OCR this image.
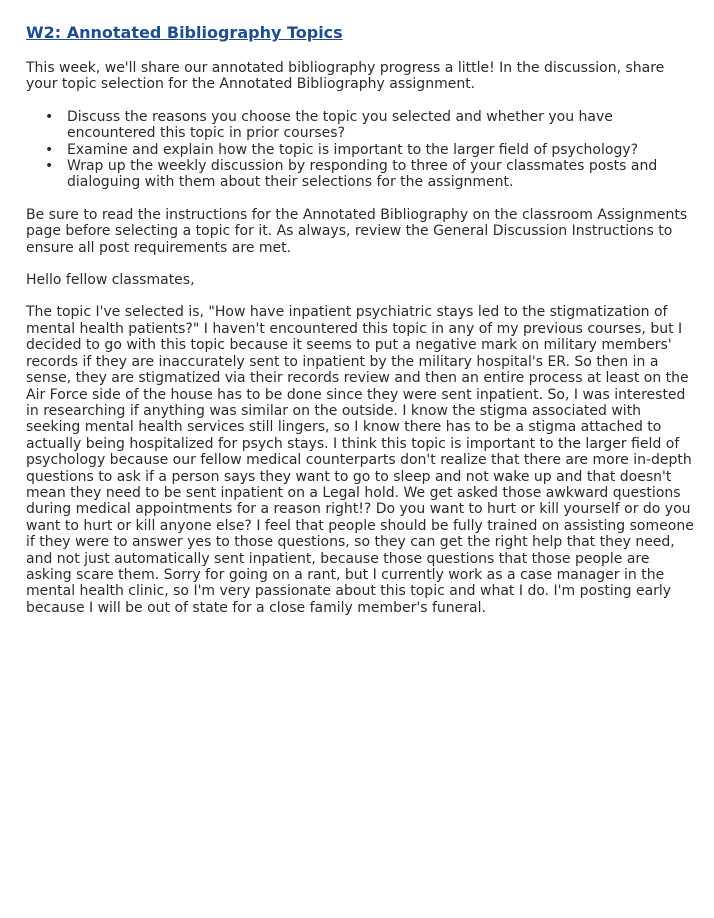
W2: Annotated Bibliography Topics

This week, we'll share our annotated bibliography progress a little! In the discussion, share your topic selection for the Annotated Bibliography assignment.

• Discuss the reasons you choose the topic you selected and whether you have encountered this topic in prior courses?
• Examine and explain how the topic is important to the larger field of psychology?
• Wrap up the weekly discussion by responding to three of your classmates posts and dialoguing with them about their selections for the assignment.

Be sure to read the instructions for the Annotated Bibliography on the classroom Assignments page before selecting a topic for it. As always, review the General Discussion Instructions to ensure all post requirements are met.

Hello fellow classmates,

The topic I've selected is, "How have inpatient psychiatric stays led to the stigmatization of mental health patients?" I haven't encountered this topic in any of my previous courses, but I decided to go with this topic because it seems to put a negative mark on military members' records if they are inaccurately sent to inpatient by the military hospital's ER. So then in a sense, they are stigmatized via their records review and then an entire process at least on the Air Force side of the house has to be done since they were sent inpatient. So, I was interested in researching if anything was similar on the outside. I know the stigma associated with seeking mental health services still lingers, so I know there has to be a stigma attached to actually being hospitalized for psych stays. I think this topic is important to the larger field of psychology because our fellow medical counterparts don't realize that there are more in-depth questions to ask if a person says they want to go to sleep and not wake up and that doesn't mean they need to be sent inpatient on a Legal hold. We get asked those awkward questions during medical appointments for a reason right!? Do you want to hurt or kill yourself or do you want to hurt or kill anyone else? I feel that people should be fully trained on assisting someone if they were to answer yes to those questions, so they can get the right help that they need, and not just automatically sent inpatient, because those questions that those people are asking scare them. Sorry for going on a rant, but I currently work as a case manager in the mental health clinic, so I'm very passionate about this topic and what I do. I'm posting early because I will be out of state for a close family member's funeral.
